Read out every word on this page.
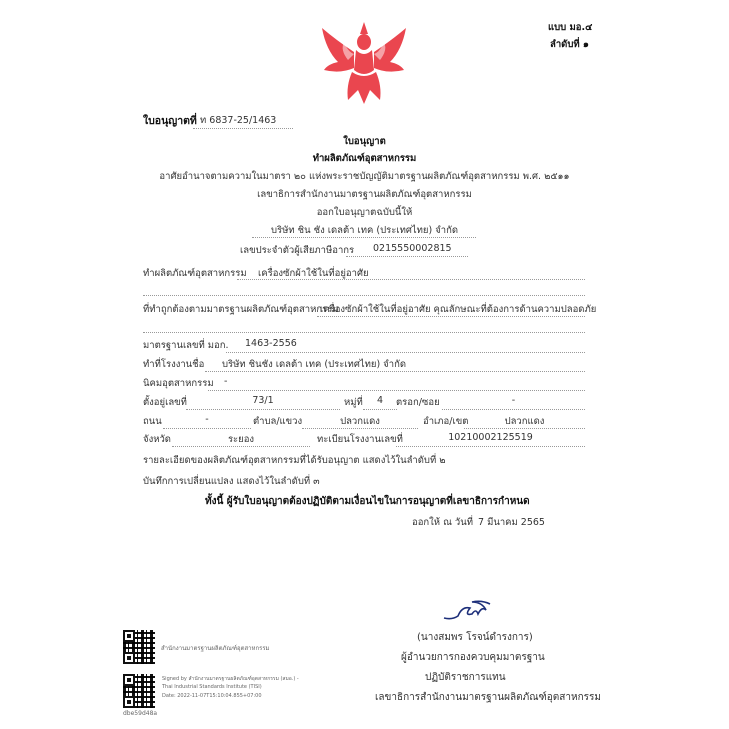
แบบ มอ.๔
ลำดับที่ ๑
ใบอนุญาตที่ ท 6837-25/1463
ใบอนุญาต
ทำผลิตภัณฑ์อุตสาหกรรม
อาศัยอำนาจตามความในมาตรา ๒๐ แห่งพระราชบัญญัติมาตรฐานผลิตภัณฑ์อุตสาหกรรม พ.ศ. ๒๕๑๑
เลขาธิการสำนักงานมาตรฐานผลิตภัณฑ์อุตสาหกรรม
ออกใบอนุญาตฉบับนี้ให้
บริษัท ชิน ชัง เดลต้า เทค (ประเทศไทย) จำกัด
เลขประจำตัวผู้เสียภาษีอากร 0215550002815
ทำผลิตภัณฑ์อุตสาหกรรม เครื่องซักผ้าใช้ในที่อยู่อาศัย
ที่ทำถูกต้องตามมาตรฐานผลิตภัณฑ์อุตสาหกรรม
เครื่องซักผ้าใช้ในที่อยู่อาศัย คุณลักษณะที่ต้องการด้านความปลอดภัย
มาตรฐานเลขที่ มอก. 1463-2556
ทำที่โรงงานชื่อ บริษัท ชินชัง เดลต้า เทค (ประเทศไทย) จำกัด
นิคมอุตสาหกรรม -
ตั้งอยู่เลขที่	73/1	หมู่ที่	4	ตรอก/ซอย	-
ถนน	-	ตำบล/แขวง	ปลวกแดง	อำเภอ/เขต	ปลวกแดง
จังหวัด	ระยอง	ทะเบียนโรงงานเลขที่	10210002125519
รายละเอียดของผลิตภัณฑ์อุตสาหกรรมที่ได้รับอนุญาต แสดงไว้ในลำดับที่ ๒
บันทึกการเปลี่ยนแปลง แสดงไว้ในลำดับที่ ๓
ทั้งนี้ ผู้รับใบอนุญาตต้องปฏิบัติตามเงื่อนไขในการอนุญาตที่เลขาธิการกำหนด
ออกให้ ณ วันที่ 7 มีนาคม 2565
(นางสมพร โรจน์ดำรงการ)
ผู้อำนวยการกองควบคุมมาตรฐาน
ปฏิบัติราชการแทน
เลขาธิการสำนักงานมาตรฐานผลิตภัณฑ์อุตสาหกรรม
สำนักงานมาตรฐานผลิตภัณฑ์อุตสาหกรรม
Signed by สำนักงานมาตรฐานผลิตภัณฑ์อุตสาหกรรม (สมอ.) -
Thai Industrial Standards Institute (TISI)
Date: 2022-11-07T15:10:04.855+07:00
dbe59d48a
